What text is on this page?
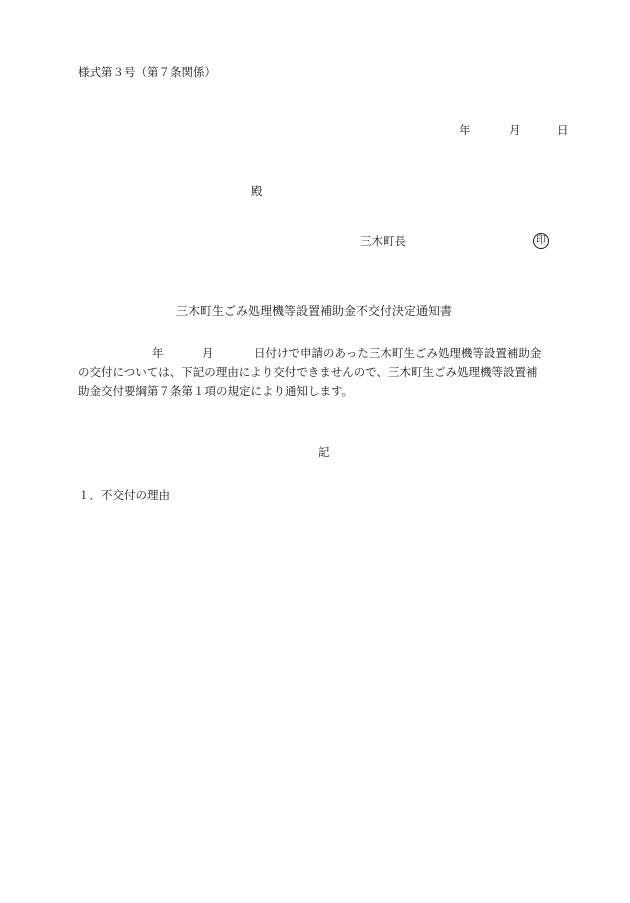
様式第３号（第７条関係）
年	月	日
殿
三木町長	印
三木町生ごみ処理機等設置補助金不交付決定通知書
年	月	日付けで申請のあった三木町生ごみ処理機等設置補助金
の交付については、下記の理由により交付できませんので、三木町生ごみ処理機等設置補
助金交付要綱第７条第１項の規定により通知します。
記
１．不交付の理由
